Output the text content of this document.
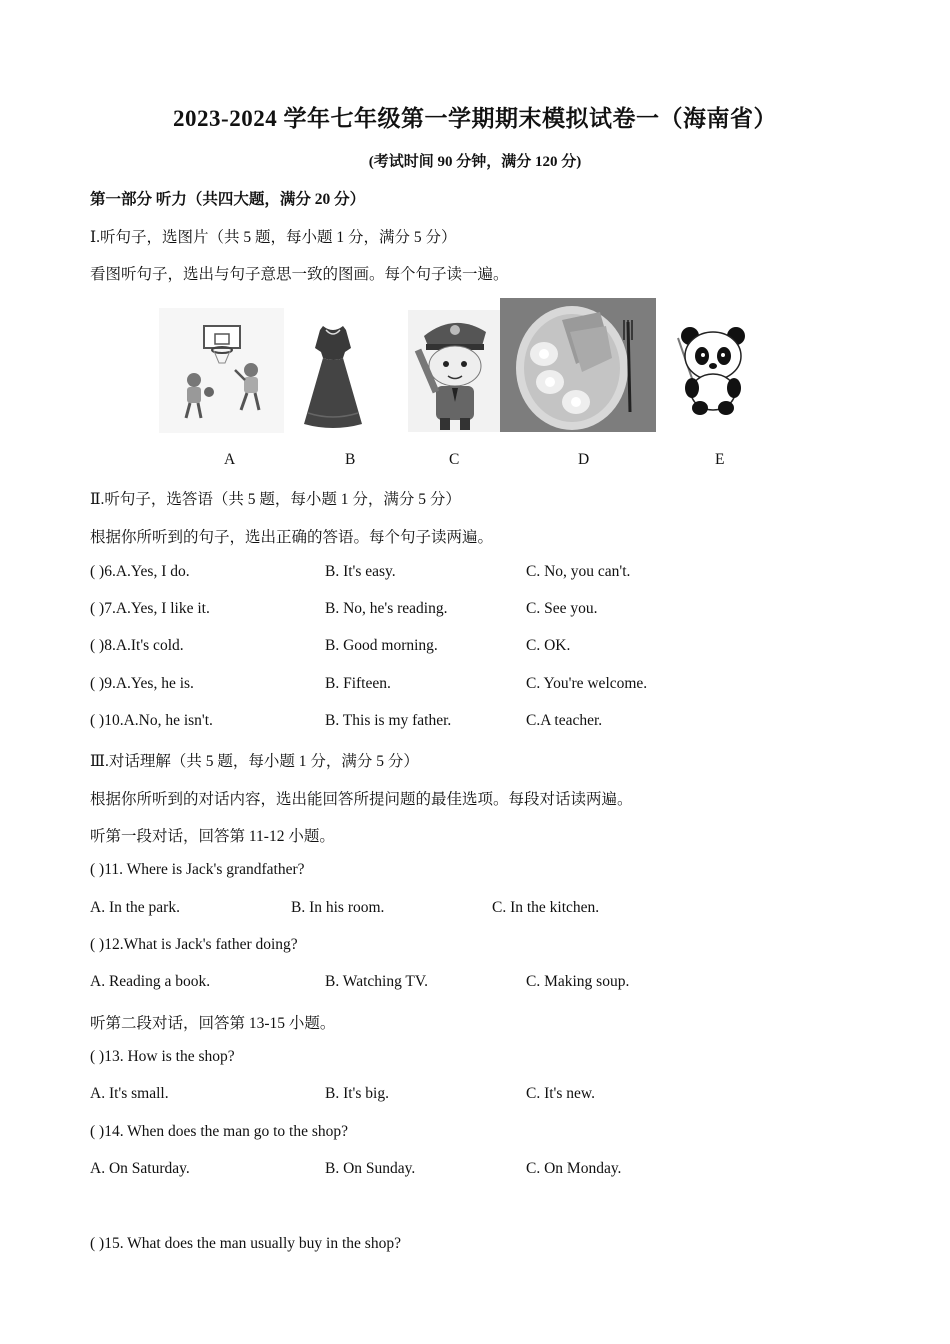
2023-2024 学年七年级第一学期期末模拟试卷一（海南省）
(考试时间 90 分钟，满分 120 分)
第一部分 听力（共四大题，满分 20 分）
Ⅰ.听句子，选图片（共 5 题，每小题 1 分，满分 5 分）
看图听句子，选出与句子意思一致的图画。每个句子读一遍。
A	B	C	D	E
Ⅱ.听句子，选答语（共 5 题，每小题 1 分，满分 5 分）
根据你所听到的句子，选出正确的答语。每个句子读两遍。
( )6.A.Yes, I do.	B. It's easy.	C. No, you can't.
( )7.A.Yes, I like it.	B. No, he's reading.	C. See you.
( )8.A.It's cold.	B. Good morning.	C. OK.
( )9.A.Yes, he is.	B. Fifteen.	C. You're welcome.
( )10.A.No, he isn't.	B. This is my father.	C.A teacher.
Ⅲ.对话理解（共 5 题，每小题 1 分，满分 5 分）
根据你所听到的对话内容，选出能回答所提问题的最佳选项。每段对话读两遍。
听第一段对话，回答第 11-12 小题。
( )11. Where is Jack's grandfather?
A. In the park.	B. In his room.	C. In the kitchen.
( )12.What is Jack's father doing?
A. Reading a book.	B. Watching TV.	C. Making soup.
听第二段对话，回答第 13-15 小题。
( )13. How is the shop?
A. It's small.	B. It's big.	C. It's new.
( )14. When does the man go to the shop?
A. On Saturday.	B. On Sunday.	C. On Monday.
( )15. What does the man usually buy in the shop?
